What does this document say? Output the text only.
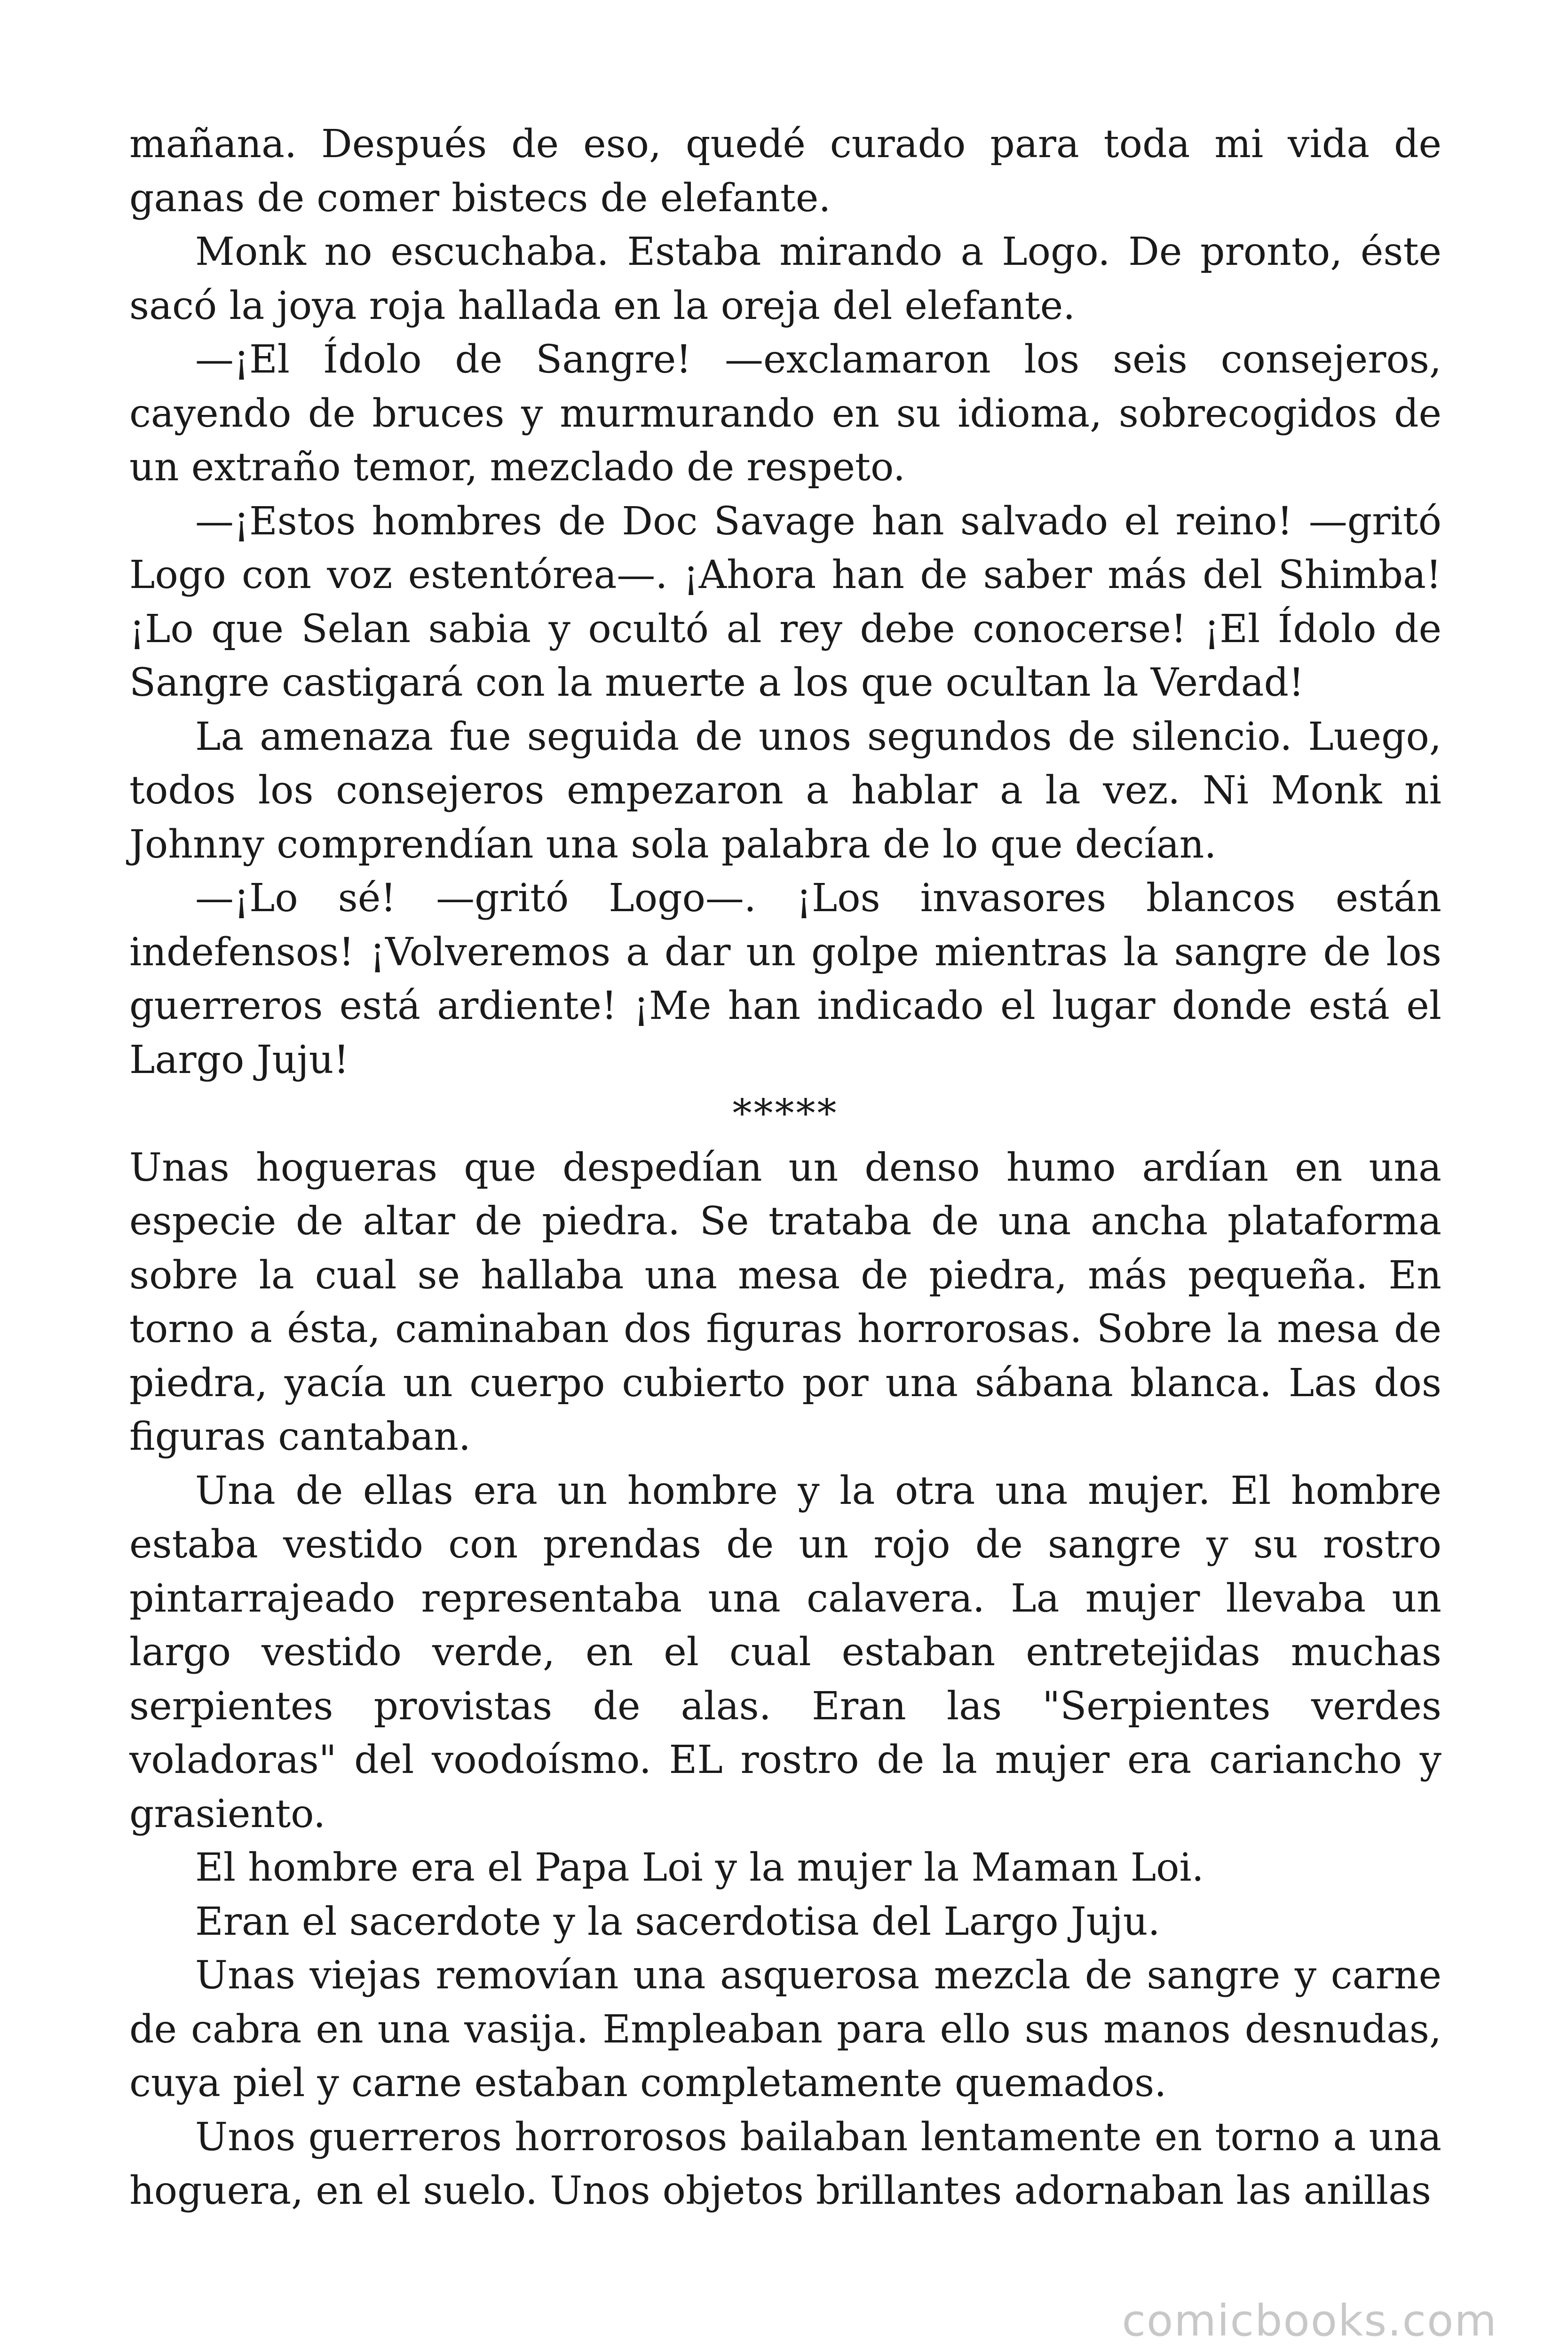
mañana. Después de eso, quedé curado para toda mi vida de ganas de comer bistecs de elefante.

Monk no escuchaba. Estaba mirando a Logo. De pronto, éste sacó la joya roja hallada en la oreja del elefante.

—¡El Ídolo de Sangre! —exclamaron los seis consejeros, cayendo de bruces y murmurando en su idioma, sobrecogidos de un extraño temor, mezclado de respeto.

—¡Estos hombres de Doc Savage han salvado el reino! —gritó Logo con voz estentórea—. ¡Ahora han de saber más del Shimba! ¡Lo que Selan sabia y ocultó al rey debe conocerse! ¡El Ídolo de Sangre castigará con la muerte a los que ocultan la Verdad!

La amenaza fue seguida de unos segundos de silencio. Luego, todos los consejeros empezaron a hablar a la vez. Ni Monk ni Johnny comprendían una sola palabra de lo que decían.

—¡Lo sé! —gritó Logo—. ¡Los invasores blancos están indefensos! ¡Volveremos a dar un golpe mientras la sangre de los guerreros está ardiente! ¡Me han indicado el lugar donde está el Largo Juju!

*****

Unas hogueras que despedían un denso humo ardían en una especie de altar de piedra. Se trataba de una ancha plataforma sobre la cual se hallaba una mesa de piedra, más pequeña. En torno a ésta, caminaban dos figuras horrorosas. Sobre la mesa de piedra, yacía un cuerpo cubierto por una sábana blanca. Las dos figuras cantaban.

Una de ellas era un hombre y la otra una mujer. El hombre estaba vestido con prendas de un rojo de sangre y su rostro pintarrajeado representaba una calavera. La mujer llevaba un largo vestido verde, en el cual estaban entretejidas muchas serpientes provistas de alas. Eran las "Serpientes verdes voladoras" del voodoísmo. EL rostro de la mujer era cariancho y grasiento.

El hombre era el Papa Loi y la mujer la Maman Loi.

Eran el sacerdote y la sacerdotisa del Largo Juju.

Unas viejas removían una asquerosa mezcla de sangre y carne de cabra en una vasija. Empleaban para ello sus manos desnudas, cuya piel y carne estaban completamente quemados.

Unos guerreros horrorosos bailaban lentamente en torno a una hoguera, en el suelo. Unos objetos brillantes adornaban las anillas

comicbooks.com
